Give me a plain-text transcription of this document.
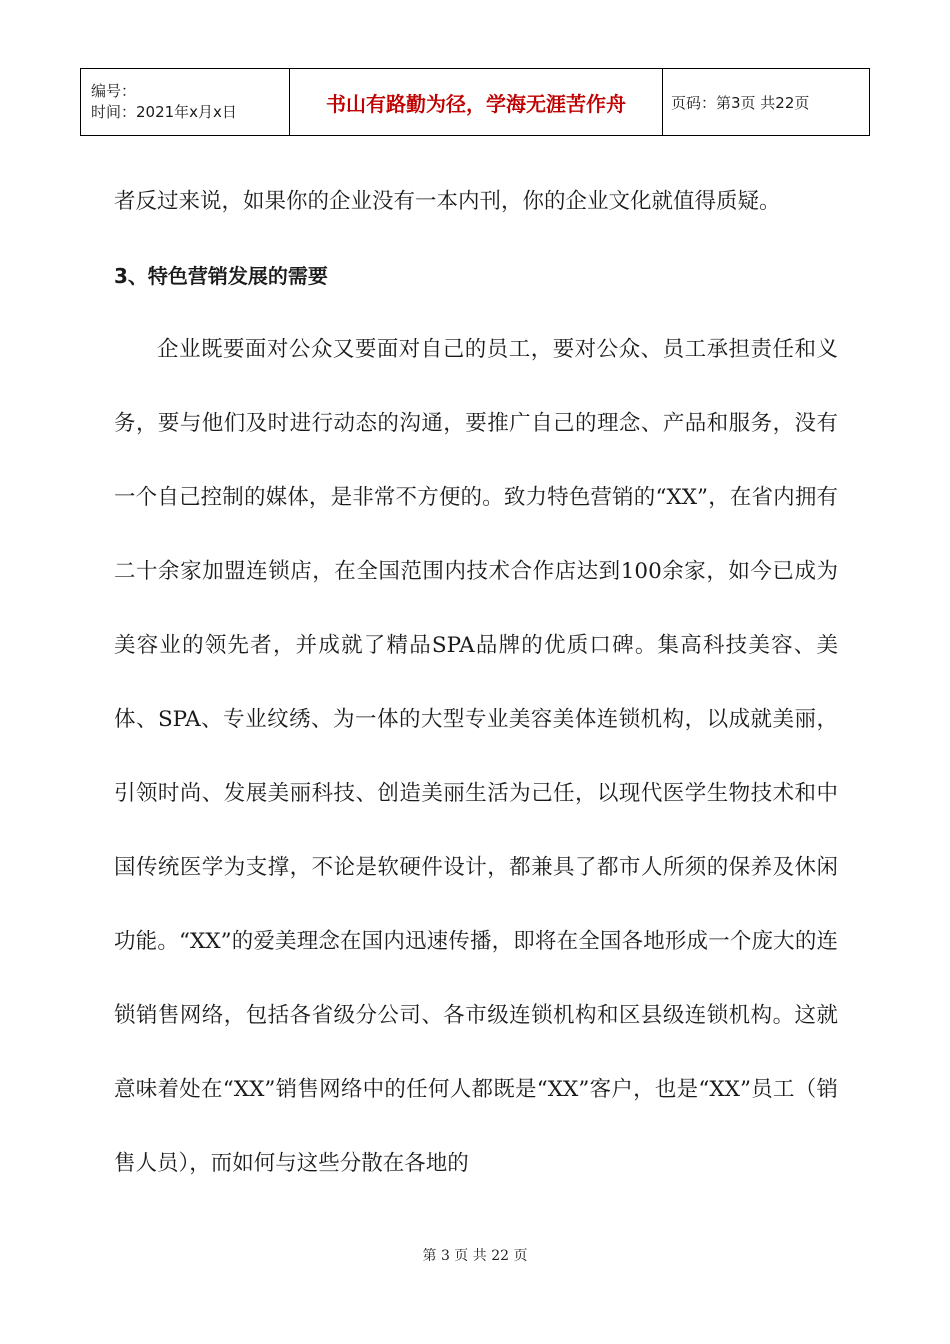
编号：
时间：2021年x月x日	书山有路勤为径，学海无涯苦作舟	页码：第3页 共22页

者反过来说，如果你的企业没有一本内刊，你的企业文化就值得质疑。

3、特色营销发展的需要

企业既要面对公众又要面对自己的员工，要对公众、员工承担责任和义务，要与他们及时进行动态的沟通，要推广自己的理念、产品和服务，没有一个自己控制的媒体，是非常不方便的。致力特色营销的“XX”，在省内拥有二十余家加盟连锁店，在全国范围内技术合作店达到100余家，如今已成为美容业的领先者，并成就了精品SPA品牌的优质口碑。集高科技美容、美体、SPA、专业纹绣、为一体的大型专业美容美体连锁机构，以成就美丽，引领时尚、发展美丽科技、创造美丽生活为己任，以现代医学生物技术和中国传统医学为支撑，不论是软硬件设计，都兼具了都市人所须的保养及休闲功能。“XX”的爱美理念在国内迅速传播，即将在全国各地形成一个庞大的连锁销售网络，包括各省级分公司、各市级连锁机构和区县级连锁机构。这就意味着处在“XX”销售网络中的任何人都既是“XX”客户，也是“XX”员工（销售人员），而如何与这些分散在各地的

第 3 页 共 22 页
